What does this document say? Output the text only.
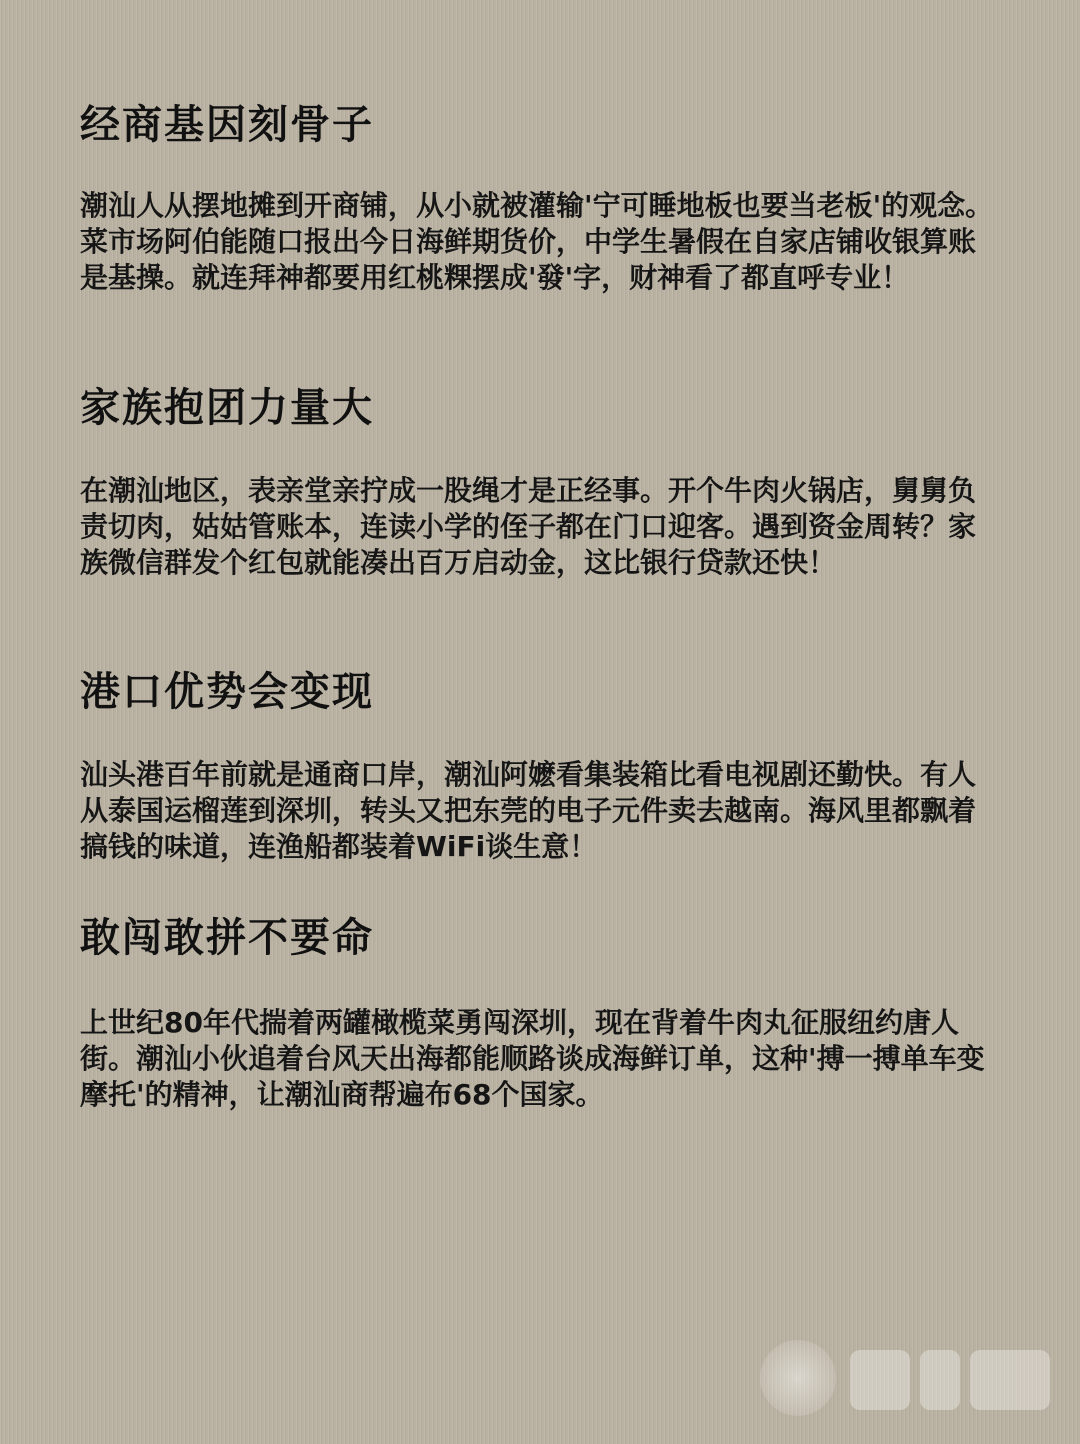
经商基因刻骨子

潮汕人从摆地摊到开商铺，从小就被灌输'宁可睡地板也要当老板'的观念。菜市场阿伯能随口报出今日海鲜期货价，中学生暑假在自家店铺收银算账是基操。就连拜神都要用红桃粿摆成'發'字，财神看了都直呼专业！

家族抱团力量大

在潮汕地区，表亲堂亲拧成一股绳才是正经事。开个牛肉火锅店，舅舅负责切肉，姑姑管账本，连读小学的侄子都在门口迎客。遇到资金周转？家族微信群发个红包就能凑出百万启动金，这比银行贷款还快！

港口优势会变现

汕头港百年前就是通商口岸，潮汕阿嬷看集装箱比看电视剧还勤快。有人从泰国运榴莲到深圳，转头又把东莞的电子元件卖去越南。海风里都飘着搞钱的味道，连渔船都装着WiFi谈生意！

敢闯敢拼不要命

上世纪80年代揣着两罐橄榄菜勇闯深圳，现在背着牛肉丸征服纽约唐人街。潮汕小伙追着台风天出海都能顺路谈成海鲜订单，这种'搏一搏单车变摩托'的精神，让潮汕商帮遍布68个国家。
